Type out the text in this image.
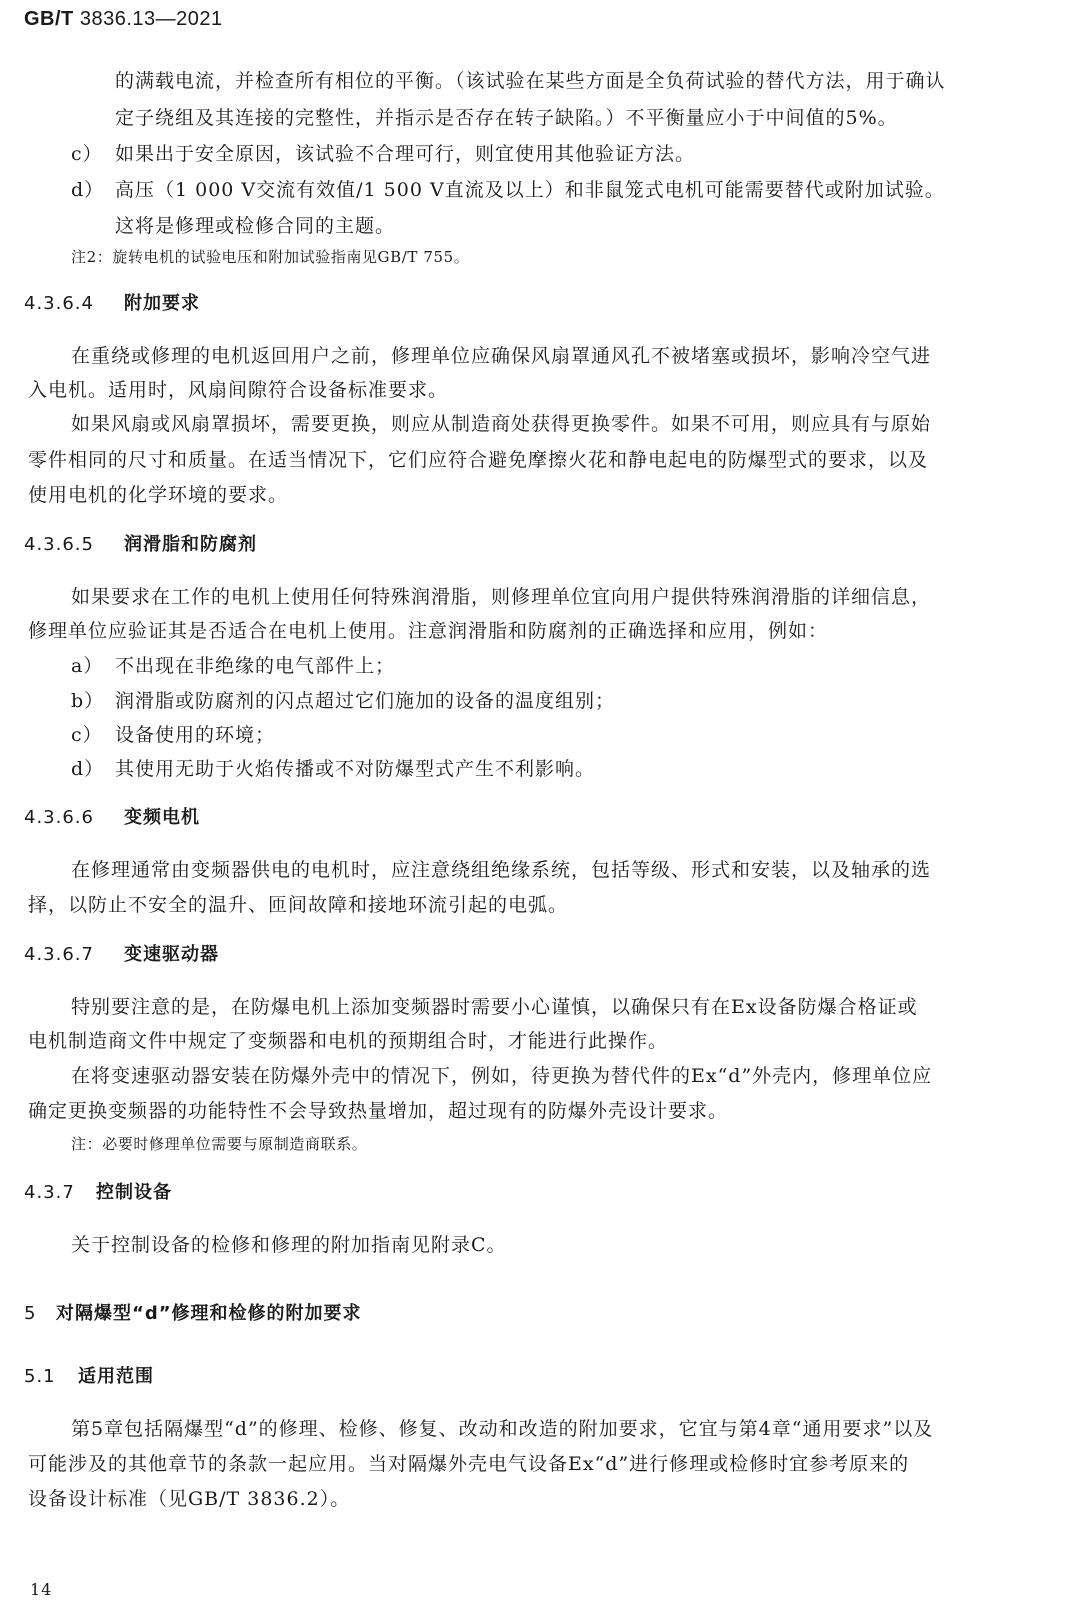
GB/T 3836.13—2021
的满载电流，并检查所有相位的平衡。（该试验在某些方面是全负荷试验的替代方法，用于确认
定子绕组及其连接的完整性，并指示是否存在转子缺陷。）不平衡量应小于中间值的5%。
c） 如果出于安全原因，该试验不合理可行，则宜使用其他验证方法。
d） 高压（1 000 V交流有效值/1 500 V直流及以上）和非鼠笼式电机可能需要替代或附加试验。
这将是修理或检修合同的主题。
注2：旋转电机的试验电压和附加试验指南见GB/T 755。
4.3.6.4 附加要求
在重绕或修理的电机返回用户之前，修理单位应确保风扇罩通风孔不被堵塞或损坏，影响冷空气进
入电机。适用时，风扇间隙符合设备标准要求。
如果风扇或风扇罩损坏，需要更换，则应从制造商处获得更换零件。如果不可用，则应具有与原始
零件相同的尺寸和质量。在适当情况下，它们应符合避免摩擦火花和静电起电的防爆型式的要求，以及
使用电机的化学环境的要求。
4.3.6.5 润滑脂和防腐剂
如果要求在工作的电机上使用任何特殊润滑脂，则修理单位宜向用户提供特殊润滑脂的详细信息，
修理单位应验证其是否适合在电机上使用。注意润滑脂和防腐剂的正确选择和应用，例如：
a） 不出现在非绝缘的电气部件上；
b） 润滑脂或防腐剂的闪点超过它们施加的设备的温度组别；
c） 设备使用的环境；
d） 其使用无助于火焰传播或不对防爆型式产生不利影响。
4.3.6.6 变频电机
在修理通常由变频器供电的电机时，应注意绕组绝缘系统，包括等级、形式和安装，以及轴承的选
择，以防止不安全的温升、匝间故障和接地环流引起的电弧。
4.3.6.7 变速驱动器
特别要注意的是，在防爆电机上添加变频器时需要小心谨慎，以确保只有在Ex设备防爆合格证或
电机制造商文件中规定了变频器和电机的预期组合时，才能进行此操作。
在将变速驱动器安装在防爆外壳中的情况下，例如，待更换为替代件的Ex“d”外壳内，修理单位应
确定更换变频器的功能特性不会导致热量增加，超过现有的防爆外壳设计要求。
注：必要时修理单位需要与原制造商联系。
4.3.7 控制设备
关于控制设备的检修和修理的附加指南见附录C。
5 对隔爆型“d”修理和检修的附加要求
5.1 适用范围
第5章包括隔爆型“d”的修理、检修、修复、改动和改造的附加要求，它宜与第4章“通用要求”以及
可能涉及的其他章节的条款一起应用。当对隔爆外壳电气设备Ex“d”进行修理或检修时宜参考原来的
设备设计标准（见GB/T 3836.2）。
14
